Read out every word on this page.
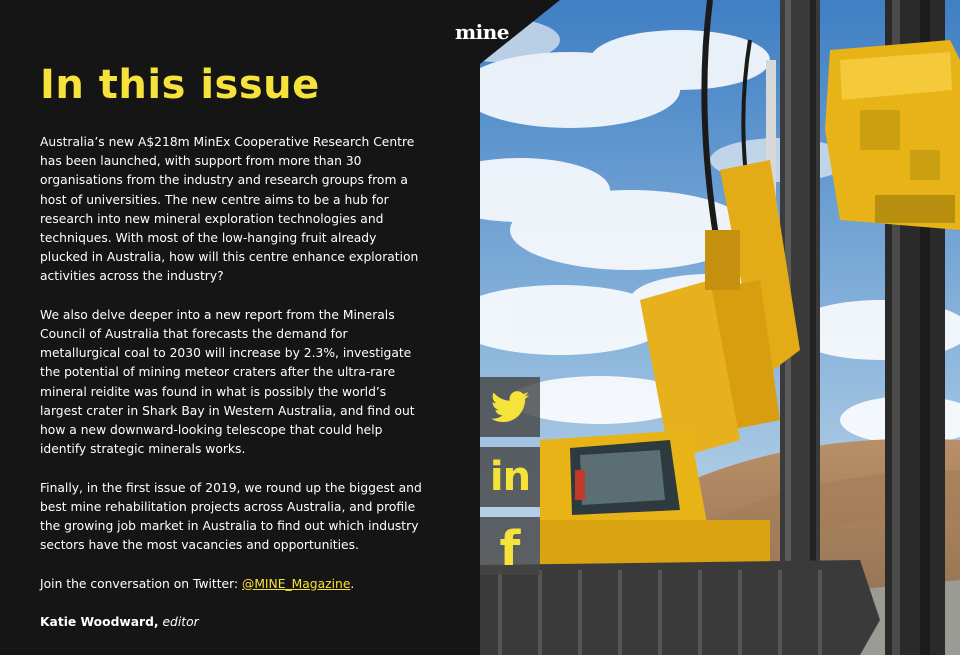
In this issue

Australia’s new A$218m MinEx Cooperative Research Centre has been launched, with support from more than 30 organisations from the industry and research groups from a host of universities. The new centre aims to be a hub for research into new mineral exploration technologies and techniques. With most of the low-hanging fruit already plucked in Australia, how will this centre enhance exploration activities across the industry?

We also delve deeper into a new report from the Minerals Council of Australia that forecasts the demand for metallurgical coal to 2030 will increase by 2.3%, investigate the potential of mining meteor craters after the ultra-rare mineral reidite was found in what is possibly the world’s largest crater in Shark Bay in Western Australia, and find out how a new downward-looking telescope that could help identify strategic minerals works.

Finally, in the first issue of 2019, we round up the biggest and best mine rehabilitation projects across Australia, and profile the growing job market in Australia to find out which industry sectors have the most vacancies and opportunities.

Join the conversation on Twitter: @MINE_Magazine.

Katie Woodward, editor

mine
in
f
